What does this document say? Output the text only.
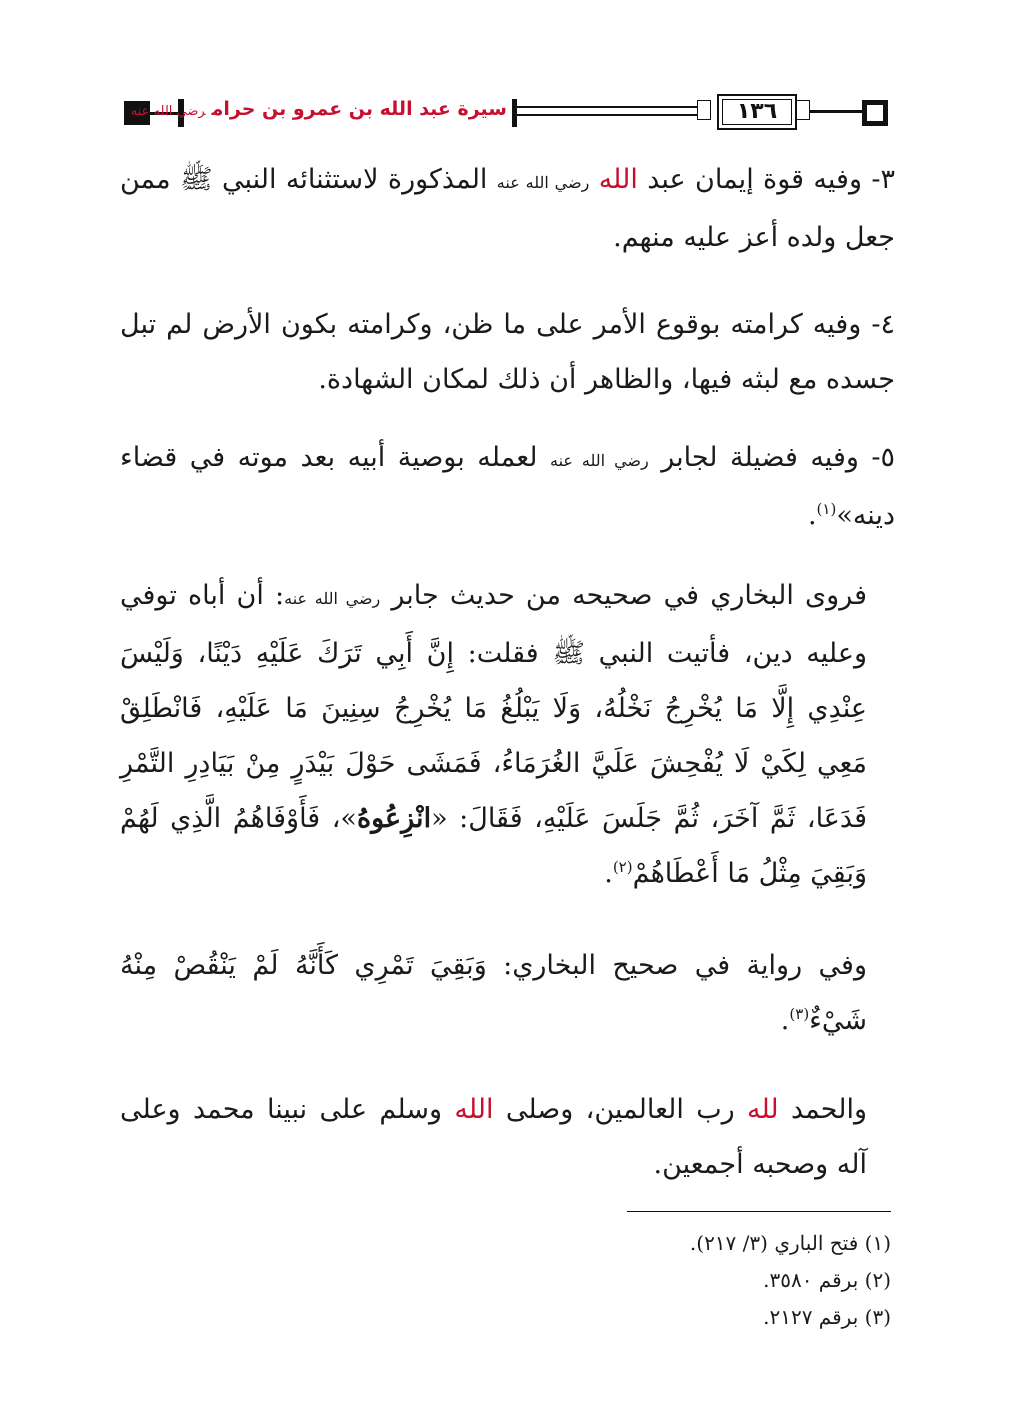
سيرة عبد الله بن عمرو بن حرامرضي الله عنه	١٣٦

٣- وفيه قوة إيمان عبد الله رضي الله عنه المذكورة لاستثنائه النبي ﷺ ممن جعل ولده أعز عليه منهم.

٤- وفيه كرامته بوقوع الأمر على ما ظن، وكرامته بكون الأرض لم تبل جسده مع لبثه فيها، والظاهر أن ذلك لمكان الشهادة.

٥- وفيه فضيلة لجابر رضي الله عنه لعمله بوصية أبيه بعد موته في قضاء دينه»$^{(١)}$.

فروى البخاري في صحيحه من حديث جابر رضي الله عنه: أن أباه توفي وعليه دين، فأتيت النبي ﷺ فقلت: إِنَّ أَبِي تَرَكَ عَلَيْهِ دَيْنًا، وَلَيْسَ عِنْدِي إِلَّا مَا يُخْرِجُ نَخْلُهُ، وَلَا يَبْلُغُ مَا يُخْرِجُ سِنِينَ مَا عَلَيْهِ، فَانْطَلِقْ مَعِي لِكَيْ لَا يُفْحِشَ عَلَيَّ الغُرَمَاءُ، فَمَشَى حَوْلَ بَيْدَرٍ مِنْ بَيَادِرِ التَّمْرِ فَدَعَا، ثَمَّ آخَرَ، ثُمَّ جَلَسَ عَلَيْهِ، فَقَالَ: «انْزِعُوهُ»، فَأَوْفَاهُمُ الَّذِي لَهُمْ وَبَقِيَ مِثْلُ مَا أَعْطَاهُمْ$^{(٢)}$.

وفي رواية في صحيح البخاري: وَبَقِيَ تَمْرِي كَأَنَّهُ لَمْ يَنْقُصْ مِنْهُ شَيْءٌ$^{(٣)}$.

والحمد لله رب العالمين، وصلى الله وسلم على نبينا محمد وعلى آله وصحبه أجمعين.

(١) فتح الباري (٣/ ٢١٧).
(٢) برقم ٣٥٨٠.
(٣) برقم ٢١٢٧.
